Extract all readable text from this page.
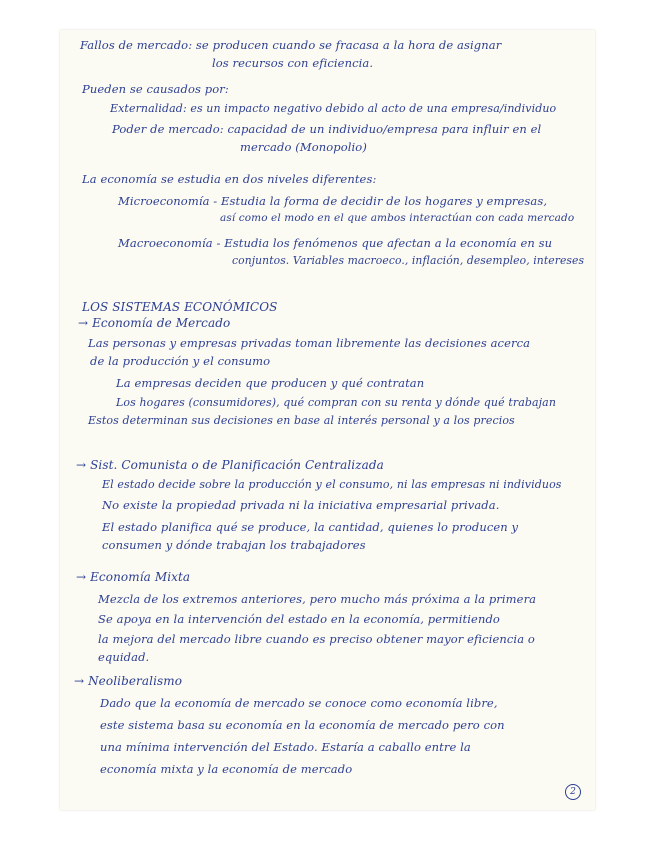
Fallos de mercado: se producen cuando se fracasa a la hora de asignar
los recursos con eficiencia.
Pueden se causados por:
Externalidad: es un impacto negativo debido al acto de una empresa/individuo
Poder de mercado: capacidad de un individuo/empresa para influir en el
mercado (Monopolio)
La economía se estudia en dos niveles diferentes:
Microeconomía - Estudia la forma de decidir de los hogares y empresas,
así como el modo en el que ambos interactúan con cada mercado
Macroeconomía - Estudia los fenómenos que afectan a la economía en su
conjuntos. Variables macroeco., inflación, desempleo, intereses
LOS SISTEMAS ECONÓMICOS
→ Economía de Mercado
Las personas y empresas privadas toman libremente las decisiones acerca
de la producción y el consumo
La empresas deciden que producen y qué contratan
Los hogares (consumidores), qué compran con su renta y dónde qué trabajan
Estos determinan sus decisiones en base al interés personal y a los precios
→ Sist. Comunista o de Planificación Centralizada
El estado decide sobre la producción y el consumo, ni las empresas ni individuos
No existe la propiedad privada ni la iniciativa empresarial privada.
El estado planifica qué se produce, la cantidad, quienes lo producen y
consumen y dónde trabajan los trabajadores
→ Economía Mixta
Mezcla de los extremos anteriores, pero mucho más próxima a la primera
Se apoya en la intervención del estado en la economía, permitiendo
la mejora del mercado libre cuando es preciso obtener mayor eficiencia o
equidad.
→ Neoliberalismo
Dado que la economía de mercado se conoce como economía libre,
este sistema basa su economía en la economía de mercado pero con
una mínima intervención del Estado. Estaría a caballo entre la
economía mixta y la economía de mercado
2
